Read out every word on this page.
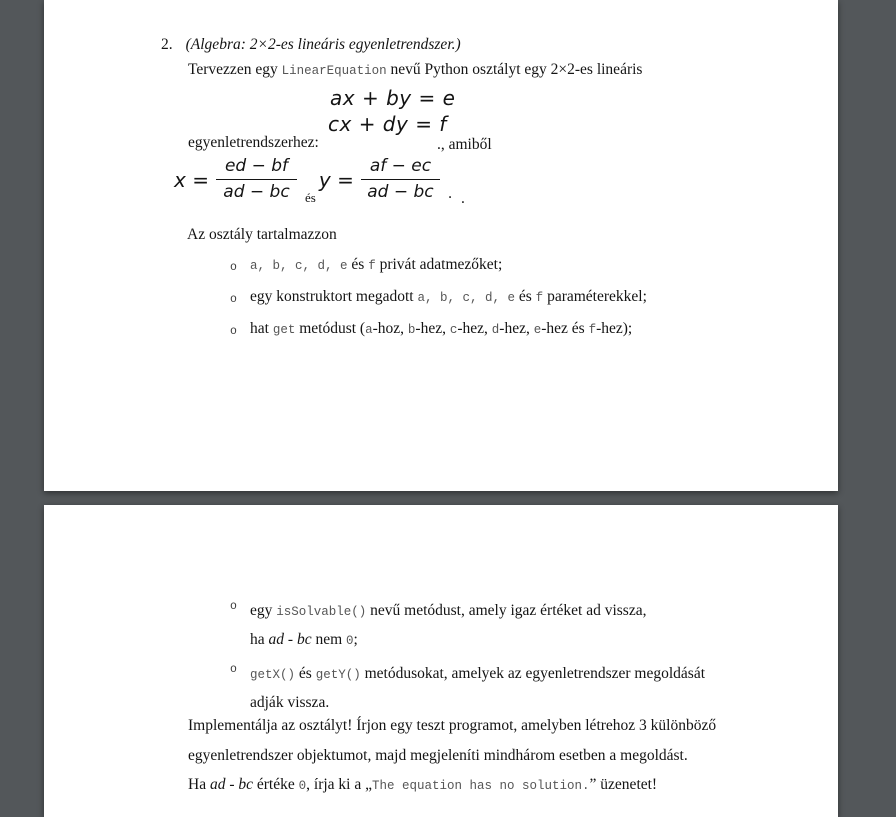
2. (Algebra: 2×2-es lineáris egyenletrendszer.)
Tervezzen egy LinearEquation nevű Python osztályt egy 2×2-es lineáris
ax + by = e
egyenletrendszerhez:
cx + dy = f
., amiből
$x = \frac{ed - bf}{ad - bc}$ és
$y = \frac{af - ec}{ad - bc}$ . .
Az osztály tartalmazzon
o	a, b, c, d, e és f privát adatmezőket;
o egy konstruktort megadott a, b, c, d, e és f paraméterekkel;
o hat get metódust (a-hoz, b-hez, c-hez, d-hez, e-hez és f-hez);
o egy isSolvable() nevű metódust, amely igaz értéket ad vissza,
ha ad - bc nem 0;
o	getX() és getY() metódusokat, amelyek az egyenletrendszer megoldását
adják vissza.
Implementálja az osztályt! Írjon egy teszt programot, amelyben létrehoz 3 különböző
egyenletrendszer objektumot, majd megjeleníti mindhárom esetben a megoldást.
Ha ad - bc értéke 0, írja ki a „The equation has no solution.” üzenetet!
